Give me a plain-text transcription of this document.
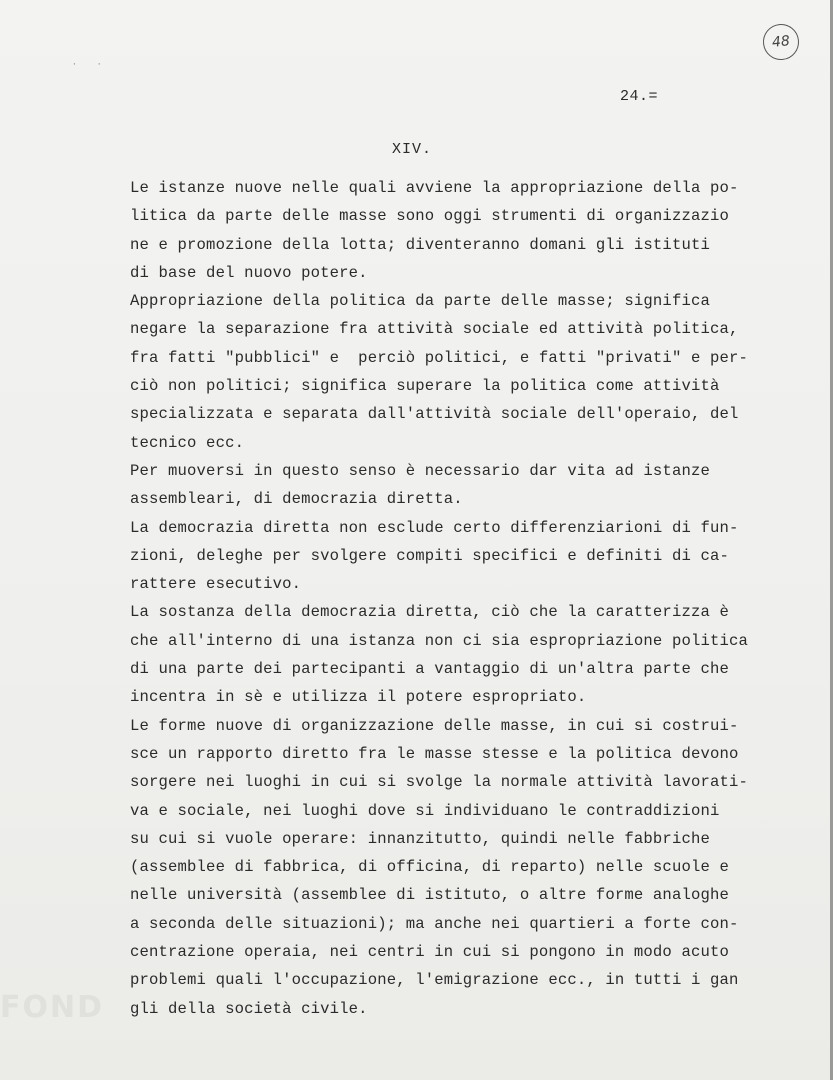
··
48
24.=
XIV.
Le istanze nuove nelle quali avviene la appropriazione della po-
litica da parte delle masse sono oggi strumenti di organizzazio
ne e promozione della lotta; diventeranno domani gli istituti
di base del nuovo potere.
Appropriazione della politica da parte delle masse; significa
negare la separazione fra attività sociale ed attività politica,
fra fatti "pubblici" e  perciò politici, e fatti "privati" e per-
ciò non politici; significa superare la politica come attività
specializzata e separata dall'attività sociale dell'operaio, del
tecnico ecc.
Per muoversi in questo senso è necessario dar vita ad istanze
assembleari, di democrazia diretta.
La democrazia diretta non esclude certo differenziarioni di fun-
zioni, deleghe per svolgere compiti specifici e definiti di ca-
rattere esecutivo.
La sostanza della democrazia diretta, ciò che la caratterizza è
che all'interno di una istanza non ci sia espropriazione politica
di una parte dei partecipanti a vantaggio di un'altra parte che
incentra in sè e utilizza il potere espropriato.
Le forme nuove di organizzazione delle masse, in cui si costrui-
sce un rapporto diretto fra le masse stesse e la politica devono
sorgere nei luoghi in cui si svolge la normale attività lavorati-
va e sociale, nei luoghi dove si individuano le contraddizioni
su cui si vuole operare: innanzitutto, quindi nelle fabbriche
(assemblee di fabbrica, di officina, di reparto) nelle scuole e
nelle università (assemblee di istituto, o altre forme analoghe
a seconda delle situazioni); ma anche nei quartieri a forte con-
centrazione operaia, nei centri in cui si pongono in modo acuto
problemi quali l'occupazione, l'emigrazione ecc., in tutti i gan
gli della società civile.
FOND
